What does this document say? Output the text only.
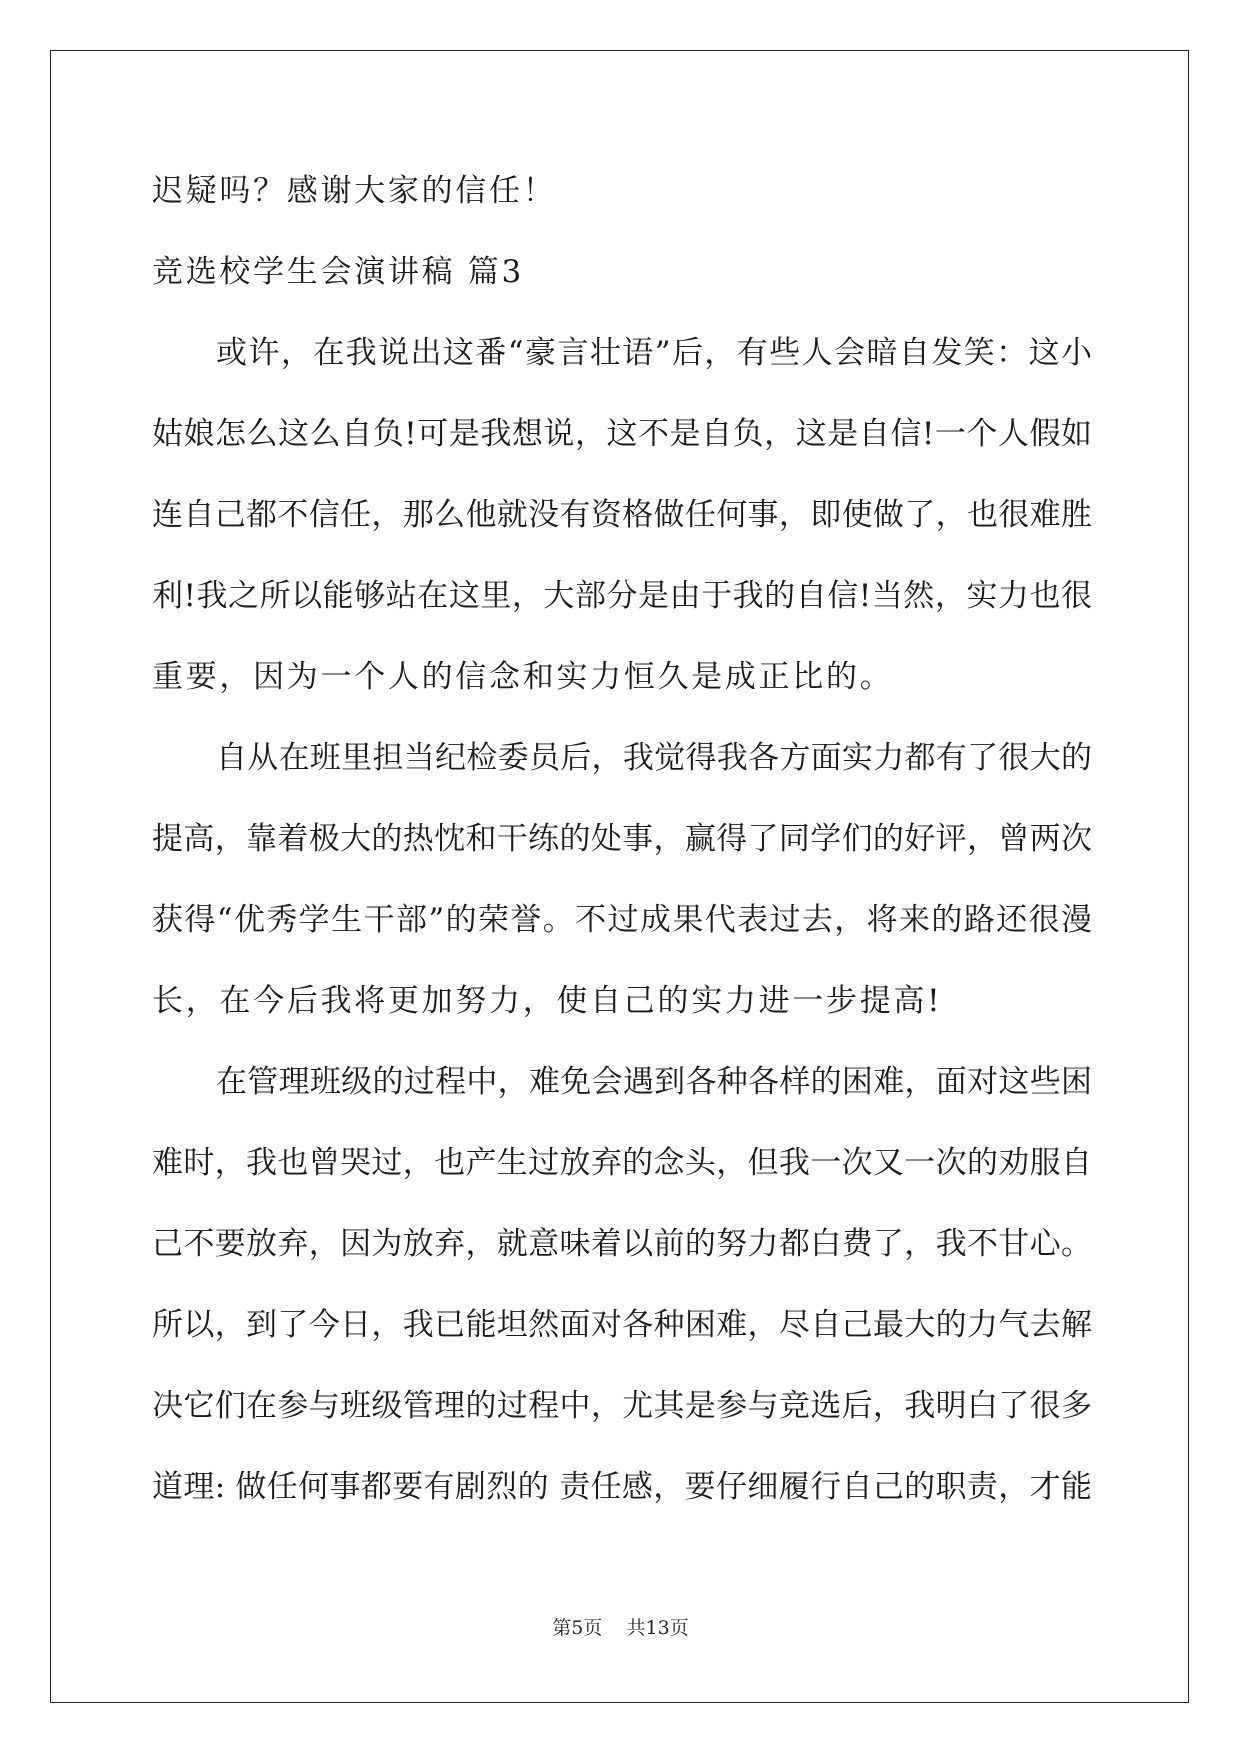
迟疑吗？感谢大家的信任！
竞选校学生会演讲稿 篇3
或许，在我说出这番“豪言壮语”后，有些人会暗自发笑：这小
姑娘怎么这么自负!可是我想说，这不是自负，这是自信!一个人假如
连自己都不信任，那么他就没有资格做任何事，即使做了，也很难胜
利!我之所以能够站在这里，大部分是由于我的自信!当然，实力也很
重要，因为一个人的信念和实力恒久是成正比的。
自从在班里担当纪检委员后，我觉得我各方面实力都有了很大的
提高，靠着极大的热忱和干练的处事，赢得了同学们的好评，曾两次
获得“优秀学生干部”的荣誉。不过成果代表过去，将来的路还很漫
长，在今后我将更加努力，使自己的实力进一步提高!
在管理班级的过程中，难免会遇到各种各样的困难，面对这些困
难时，我也曾哭过，也产生过放弃的念头，但我一次又一次的劝服自
己不要放弃，因为放弃，就意味着以前的努力都白费了，我不甘心。
所以，到了今日，我已能坦然面对各种困难，尽自己最大的力气去解
决它们在参与班级管理的过程中，尤其是参与竞选后，我明白了很多
道理: 做任何事都要有剧烈的 责任感，要仔细履行自己的职责，才能
第5页 共13页
